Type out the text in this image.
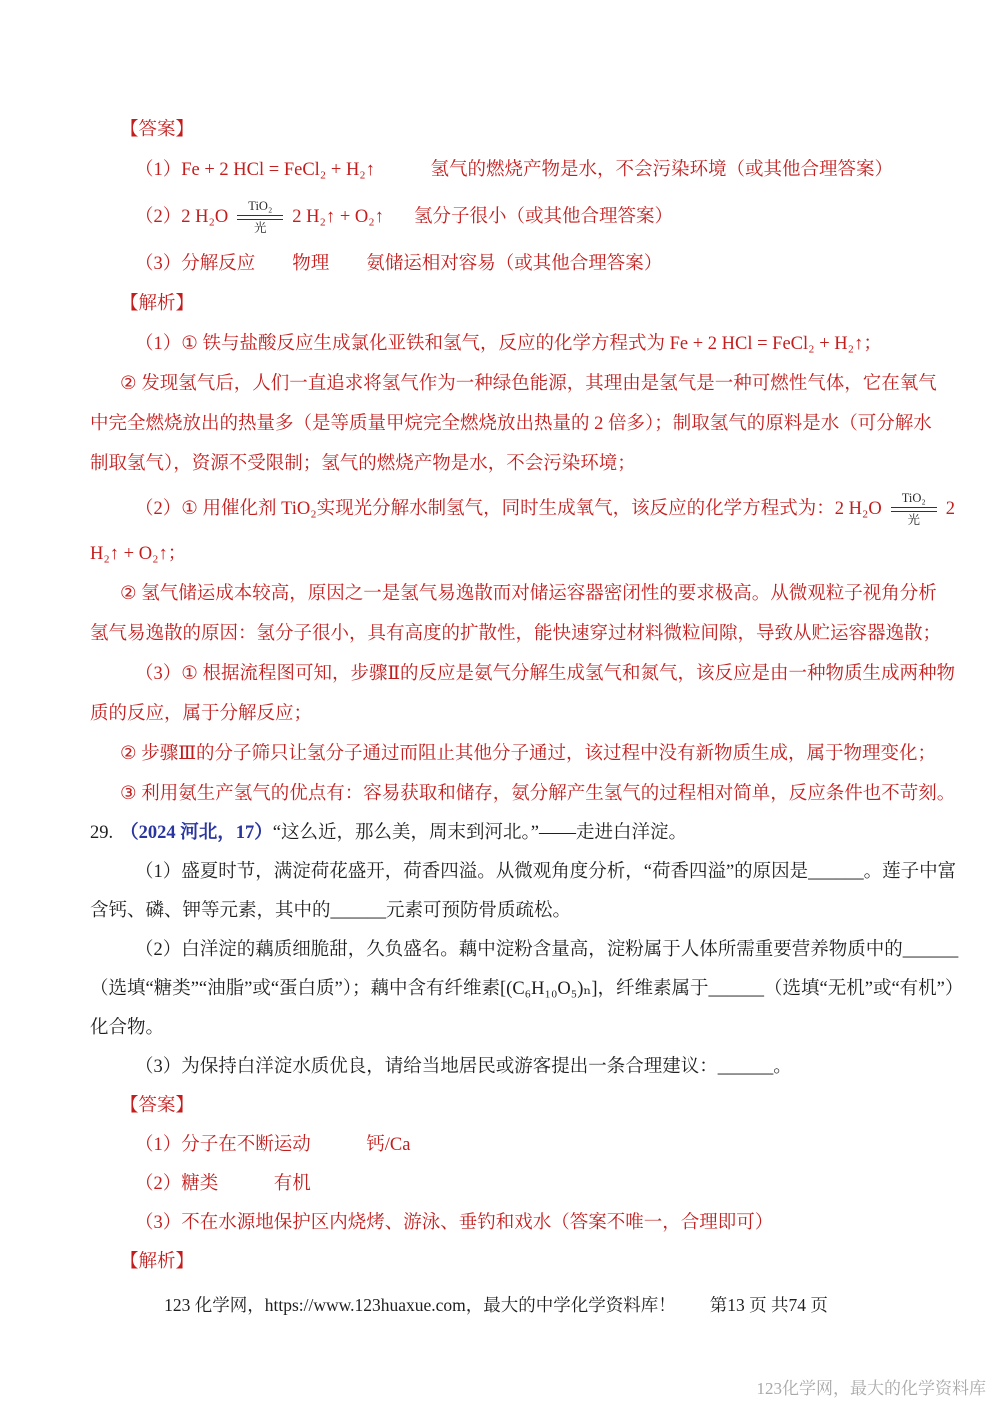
【答案】
（1）Fe + 2 HCl = FeCl₂ + H₂↑　　　氢气的燃烧产物是水，不会污染环境（或其他合理答案）
（2）2 H₂O
TiO₂
光
2 H₂↑ + O₂↑ 氢分子很小（或其他合理答案）
（3）分解反应　　物理　　氨储运相对容易（或其他合理答案）
【解析】
（1）① 铁与盐酸反应生成氯化亚铁和氢气，反应的化学方程式为 Fe + 2 HCl = FeCl₂ + H₂↑；
② 发现氢气后，人们一直追求将氢气作为一种绿色能源，其理由是氢气是一种可燃性气体，它在氧气
中完全燃烧放出的热量多（是等质量甲烷完全燃烧放出热量的 2 倍多）；制取氢气的原料是水（可分解水
制取氢气），资源不受限制；氢气的燃烧产物是水，不会污染环境；
（2）① 用催化剂 TiO₂实现光分解水制氢气，同时生成氧气，该反应的化学方程式为：2 H₂O
TiO₂
光
2
H₂↑ + O₂↑；
② 氢气储运成本较高，原因之一是氢气易逸散而对储运容器密闭性的要求极高。从微观粒子视角分析
氢气易逸散的原因：氢分子很小，具有高度的扩散性，能快速穿过材料微粒间隙，导致从贮运容器逸散；
（3）① 根据流程图可知，步骤Ⅱ的反应是氨气分解生成氢气和氮气，该反应是由一种物质生成两种物
质的反应，属于分解反应；
② 步骤Ⅲ的分子筛只让氢分子通过而阻止其他分子通过，该过程中没有新物质生成，属于物理变化；
③ 利用氨生产氢气的优点有：容易获取和储存，氨分解产生氢气的过程相对简单，反应条件也不苛刻。
29. （2024 河北，17）“这么近，那么美，周末到河北。”——走进白洋淀。
（1）盛夏时节，满淀荷花盛开，荷香四溢。从微观角度分析，“荷香四溢”的原因是______。莲子中富
含钙、磷、钾等元素，其中的______元素可预防骨质疏松。
（2）白洋淀的藕质细脆甜，久负盛名。藕中淀粉含量高，淀粉属于人体所需重要营养物质中的______
（选填“糖类”“油脂”或“蛋白质”）；藕中含有纤维素[(C₆H₁₀O₅)ₙ]，纤维素属于______（选填“无机”或“有机”）
化合物。
（3）为保持白洋淀水质优良，请给当地居民或游客提出一条合理建议：______。
【答案】
（1）分子在不断运动　　　钙/Ca
（2）糖类　　　有机
（3）不在水源地保护区内烧烤、游泳、垂钓和戏水（答案不唯一，合理即可）
【解析】
123 化学网，https://www.123huaxue.com，最大的中学化学资料库！ 第13 页 共74 页
123化学网，最大的化学资料库
